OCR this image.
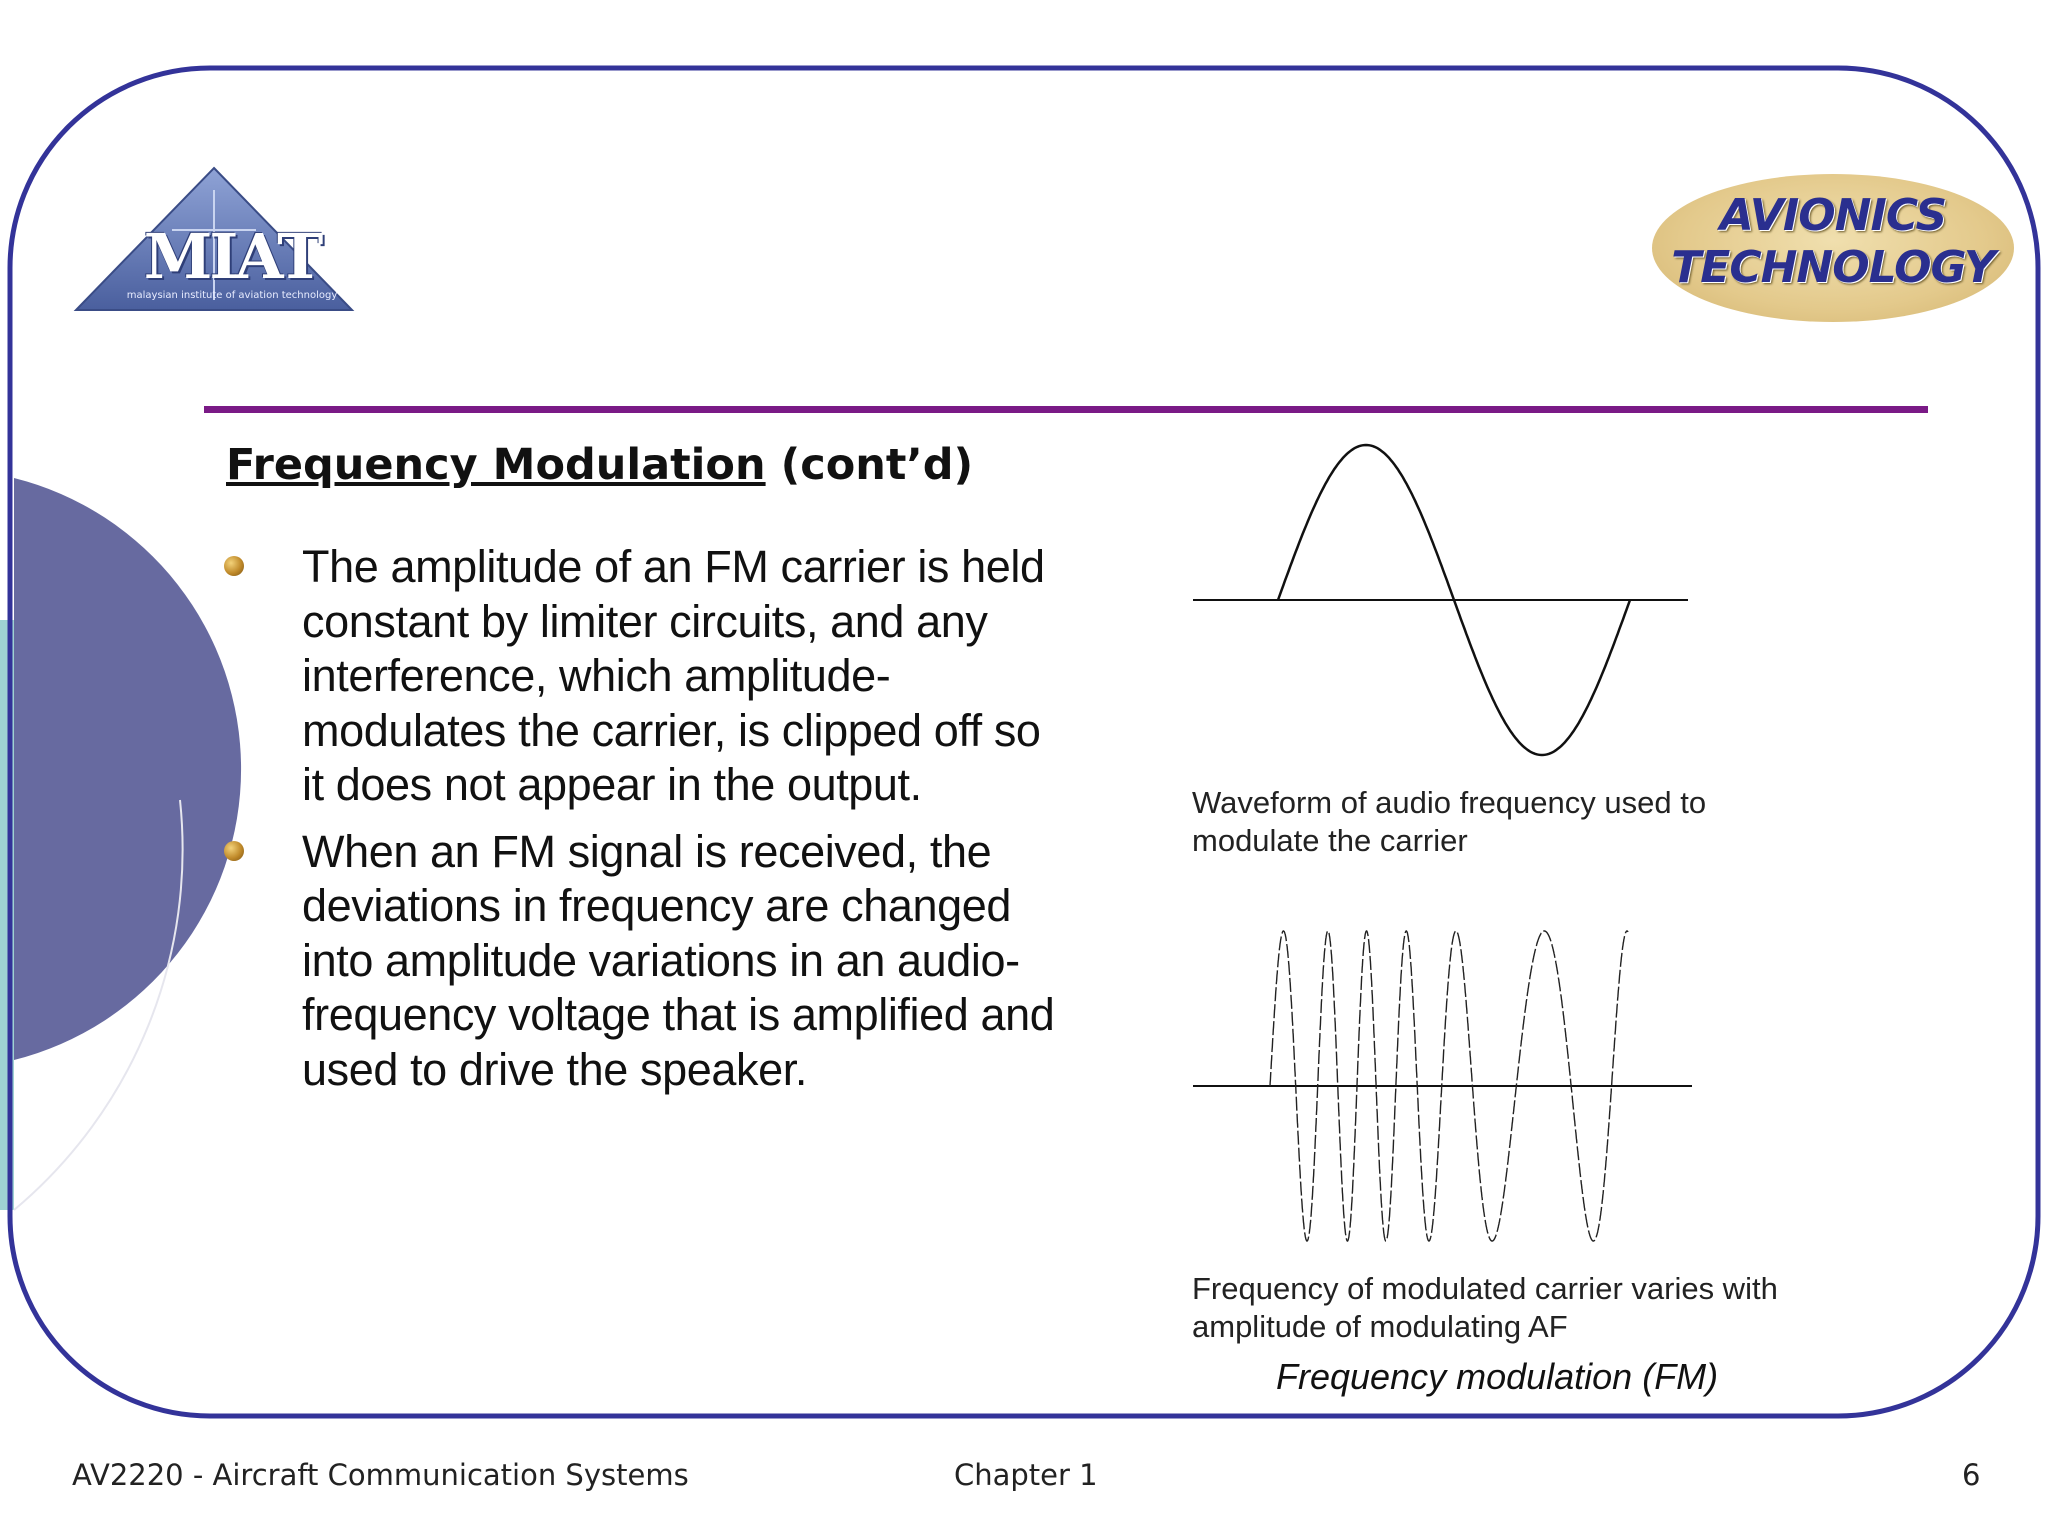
MIAT
malaysian institute of aviation technology
AVIONICS
TECHNOLOGY
Frequency Modulation (cont’d)
The amplitude of an FM carrier is held constant by limiter circuits, and any interference, which amplitude-modulates the carrier, is clipped off so it does not appear in the output.
When an FM signal is received, the deviations in frequency are changed into amplitude variations in an audio-frequency voltage that is amplified and used to drive the speaker.
Waveform of audio frequency used to modulate the carrier
Frequency of modulated carrier varies with amplitude of modulating AF
Frequency modulation (FM)
AV2220 - Aircraft Communication Systems	Chapter 1	6
